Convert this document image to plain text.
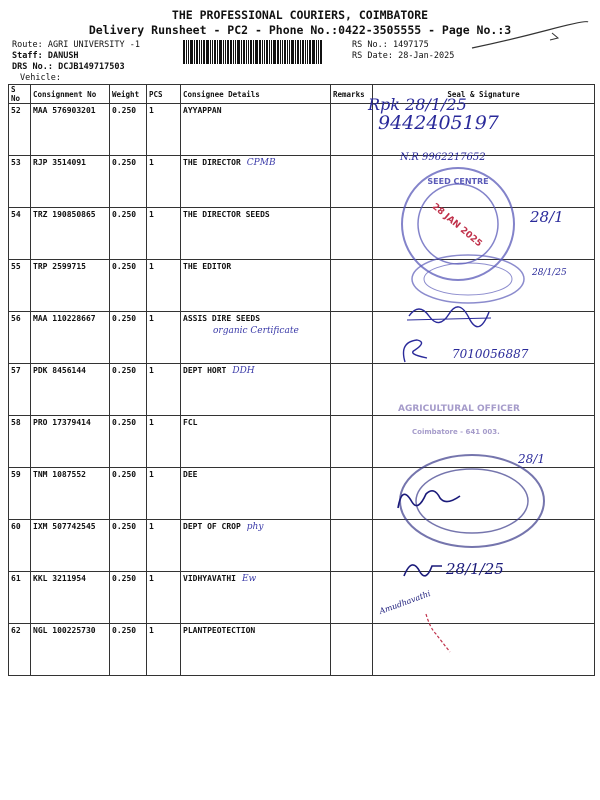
THE PROFESSIONAL COURIERS, COIMBATORE
Delivery Runsheet - PC2 - Phone No.:0422-3505555 - Page No.:3
Route: AGRI UNIVERSITY -1
Staff: DANUSH
DRS No.: DCJB149717503
Vehicle:
RS No.: 1497175
RS Date: 28-Jan-2025
S No	Consignment No	Weight	PCS	Consignee Details	Remarks	Seal & Signature
52	MAA 576903201	0.250	1	AYYAPPAN		
53	RJP 3514091	0.250	1	THE DIRECTOR CPMB		
54	TRZ 190850865	0.250	1	THE DIRECTOR SEEDS		
55	TRP 2599715	0.250	1	THE EDITOR		
56	MAA 110228667	0.250	1	ASSIS DIRE SEEDS
organic Certificate		

57	PDK 8456144	0.250	1	DEPT HORT DDH		
58	PRO 17379414	0.250	1	FCL		
59	TNM 1087552	0.250	1	DEE		
60	IXM 507742545	0.250	1	DEPT OF CROP phy		
61	KKL 3211954	0.250	1	VIDHYAVATHI Ew		
62	NGL 100225730	0.250	1	PLANTPEOTECTION		
Rpk 28/1/25
9442405197
N.R 9962217652
28 JAN 2025
SEED CENTRE
28/1
28/1/25
7010056887
AGRICULTURAL OFFICER
Coimbatore - 641 003.
28/1
28/1/25
Amudhavathi
